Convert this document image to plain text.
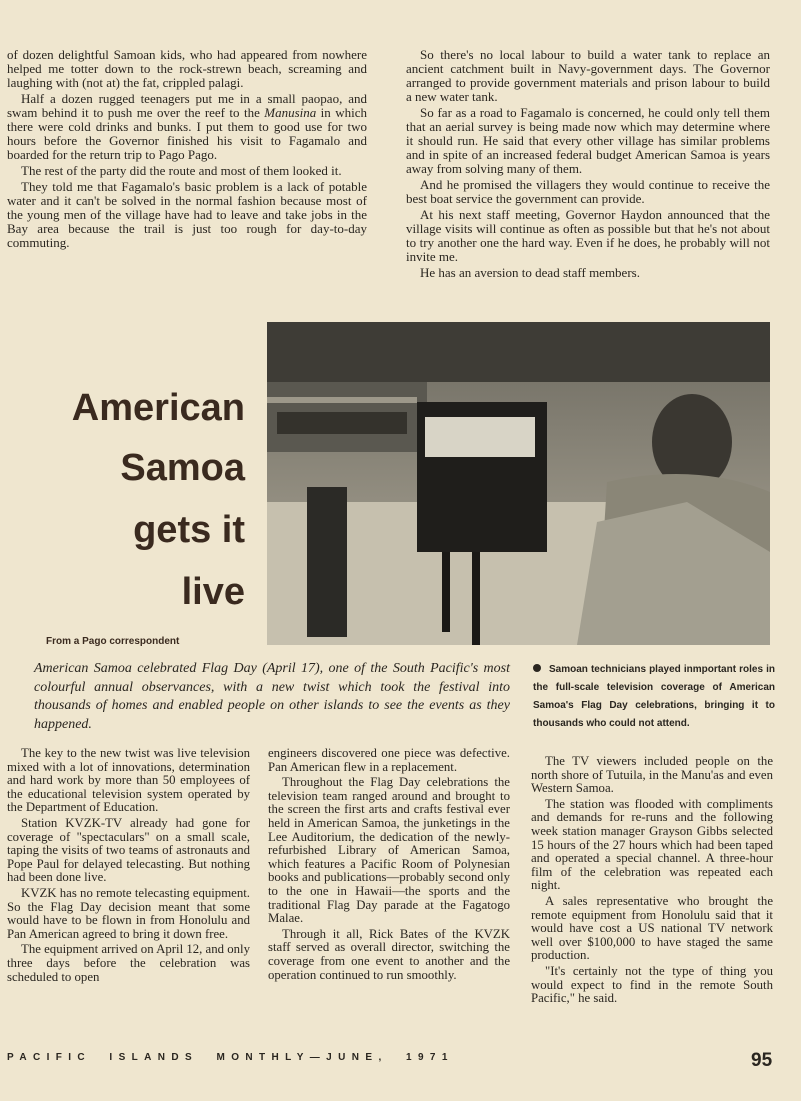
of dozen delightful Samoan kids, who had appeared from nowhere helped me totter down to the rock-strewn beach, screaming and laughing with (not at) the fat, crippled palagi.

Half a dozen rugged teenagers put me in a small paopao, and swam behind it to push me over the reef to the Manusina in which there were cold drinks and bunks. I put them to good use for two hours before the Governor finished his visit to Fagamalo and boarded for the return trip to Pago Pago.

The rest of the party did the route and most of them looked it.

They told me that Fagamalo's basic problem is a lack of potable water and it can't be solved in the normal fashion because most of the young men of the village have had to leave and take jobs in the Bay area because the trail is just too rough for day-to-day commuting.

So there's no local labour to build a water tank to replace an ancient catchment built in Navy-government days. The Governor arranged to provide government materials and prison labour to build a new water tank.

So far as a road to Fagamalo is concerned, he could only tell them that an aerial survey is being made now which may determine where it should run. He said that every other village has similar problems and in spite of an increased federal budget American Samoa is years away from solving many of them.

And he promised the villagers they would continue to receive the best boat service the government can provide.

At his next staff meeting, Governor Haydon announced that the village visits will continue as often as possible but that he's not about to try another one the hard way. Even if he does, he probably will not invite me.

He has an aversion to dead staff members.

American
Samoa
gets it
live
From a Pago correspondent
American Samoa celebrated Flag Day (April 17), one of the South Pacific's most colourful annual observances, with a new twist which took the festival into thousands of homes and enabled people on other islands to see the events as they happened.
Samoan technicians played inmportant roles in the full-scale television coverage of American Samoa's Flag Day celebrations, bringing it to thousands who could not attend.

The key to the new twist was live television mixed with a lot of innovations, determination and hard work by more than 50 employees of the educational television system operated by the Department of Education.

Station KVZK-TV already had gone for coverage of "spectaculars" on a small scale, taping the visits of two teams of astronauts and Pope Paul for delayed telecasting. But nothing had been done live.

KVZK has no remote telecasting equipment. So the Flag Day decision meant that some would have to be flown in from Honolulu and Pan American agreed to bring it down free.

The equipment arrived on April 12, and only three days before the celebration was scheduled to open

engineers discovered one piece was defective. Pan American flew in a replacement.

Throughout the Flag Day celebrations the television team ranged around and brought to the screen the first arts and crafts festival ever held in American Samoa, the junketings in the Lee Auditorium, the dedication of the newly-refurbished Library of American Samoa, which features a Pacific Room of Polynesian books and publications—probably second only to the one in Hawaii—the sports and the traditional Flag Day parade at the Fagatogo Malae.

Through it all, Rick Bates of the KVZK staff served as overall director, switching the coverage from one event to another and the operation continued to run smoothly.

The TV viewers included people on the north shore of Tutuila, in the Manu'as and even Western Samoa.

The station was flooded with compliments and demands for re-runs and the following week station manager Grayson Gibbs selected 15 hours of the 27 hours which had been taped and operated a special channel. A three-hour film of the celebration was repeated each night.

A sales representative who brought the remote equipment from Honolulu said that it would have cost a US national TV network well over $100,000 to have staged the same production.

"It's certainly not the type of thing you would expect to find in the remote South Pacific," he said.

PACIFIC  ISLANDS  MONTHLY—JUNE,  1971	95
